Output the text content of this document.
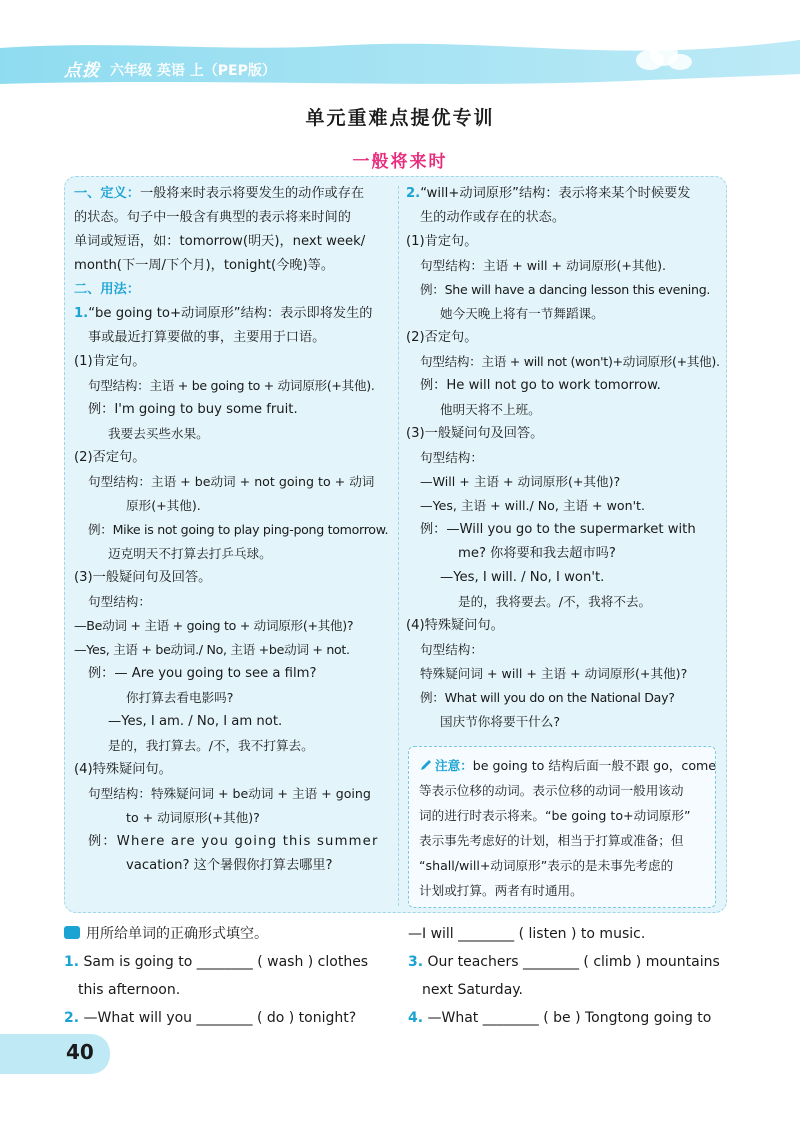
点拨 六年级 英语 上（PEP版）
单元重难点提优专训
一般将来时
一、定义：一般将来时表示将要发生的动作或存在
的状态。句子中一般含有典型的表示将来时间的
单词或短语，如：tomorrow(明天)，next week/
month(下一周/下个月)，tonight(今晚)等。
二、用法：
1.“be going to+动词原形”结构：表示即将发生的
事或最近打算要做的事，主要用于口语。
(1)肯定句。
句型结构：主语 + be going to + 动词原形(+其他).
例：I'm going to buy some fruit.
我要去买些水果。
(2)否定句。
句型结构：主语 + be动词 + not going to + 动词
原形(+其他).
例：Mike is not going to play ping-pong tomorrow.
迈克明天不打算去打乒乓球。
(3)一般疑问句及回答。
句型结构：
—Be动词 + 主语 + going to + 动词原形(+其他)?
—Yes, 主语 + be动词./ No, 主语 +be动词 + not.
例：— Are you going to see a film?
你打算去看电影吗?
—Yes, I am. / No, I am not.
是的，我打算去。/不，我不打算去。
(4)特殊疑问句。
句型结构：特殊疑问词 + be动词 + 主语 + going
to + 动词原形(+其他)?
例：Where are you going this summer
vacation? 这个暑假你打算去哪里?
2.“will+动词原形”结构：表示将来某个时候要发
生的动作或存在的状态。
(1)肯定句。
句型结构：主语 + will + 动词原形(+其他).
例：She will have a dancing lesson this evening.
她今天晚上将有一节舞蹈课。
(2)否定句。
句型结构：主语 + will not (won't)+动词原形(+其他).
例：He will not go to work tomorrow.
他明天将不上班。
(3)一般疑问句及回答。
句型结构：
—Will + 主语 + 动词原形(+其他)?
—Yes, 主语 + will./ No, 主语 + won't.
例：—Will you go to the supermarket with
me? 你将要和我去超市吗?
—Yes, I will. / No, I won't.
是的，我将要去。/不，我将不去。
(4)特殊疑问句。
句型结构：
特殊疑问词 + will + 主语 + 动词原形(+其他)?
例：What will you do on the National Day?
国庆节你将要干什么?
注意：be going to 结构后面一般不跟 go，come
等表示位移的动词。表示位移的动词一般用该动
词的进行时表示将来。“be going to+动词原形”
表示事先考虑好的计划，相当于打算或准备；但
“shall/will+动词原形”表示的是未事先考虑的
计划或打算。两者有时通用。
用所给单词的正确形式填空。
1. Sam is going to ________ ( wash ) clothes
this afternoon.
2. —What will you ________ ( do ) tonight?
—I will ________ ( listen ) to music.
3. Our teachers ________ ( climb ) mountains
next Saturday.
4. —What ________ ( be ) Tongtong going to
40
